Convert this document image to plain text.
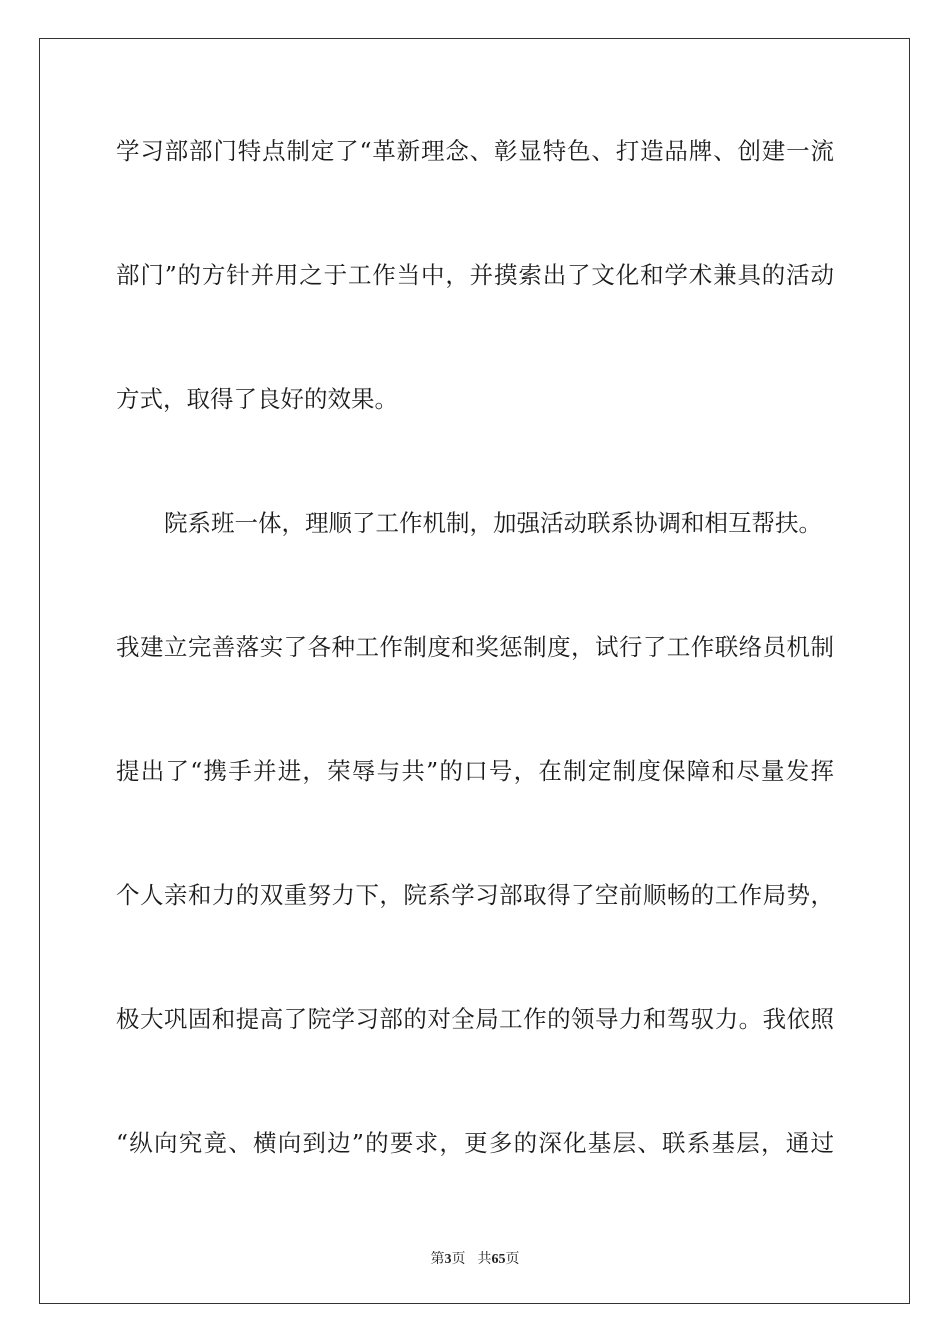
学习部部门特点制定了“革新理念、彰显特色、打造品牌、创建一流
部门”的方针并用之于工作当中，并摸索出了文化和学术兼具的活动
方式，取得了良好的效果。
院系班一体，理顺了工作机制，加强活动联系协调和相互帮扶。
我建立完善落实了各种工作制度和奖惩制度，试行了工作联络员机制
提出了“携手并进，荣辱与共”的口号，在制定制度保障和尽量发挥
个人亲和力的双重努力下，院系学习部取得了空前顺畅的工作局势，
极大巩固和提高了院学习部的对全局工作的领导力和驾驭力。我依照
“纵向究竟、横向到边”的要求，更多的深化基层、联系基层，通过
第3页 共65页
